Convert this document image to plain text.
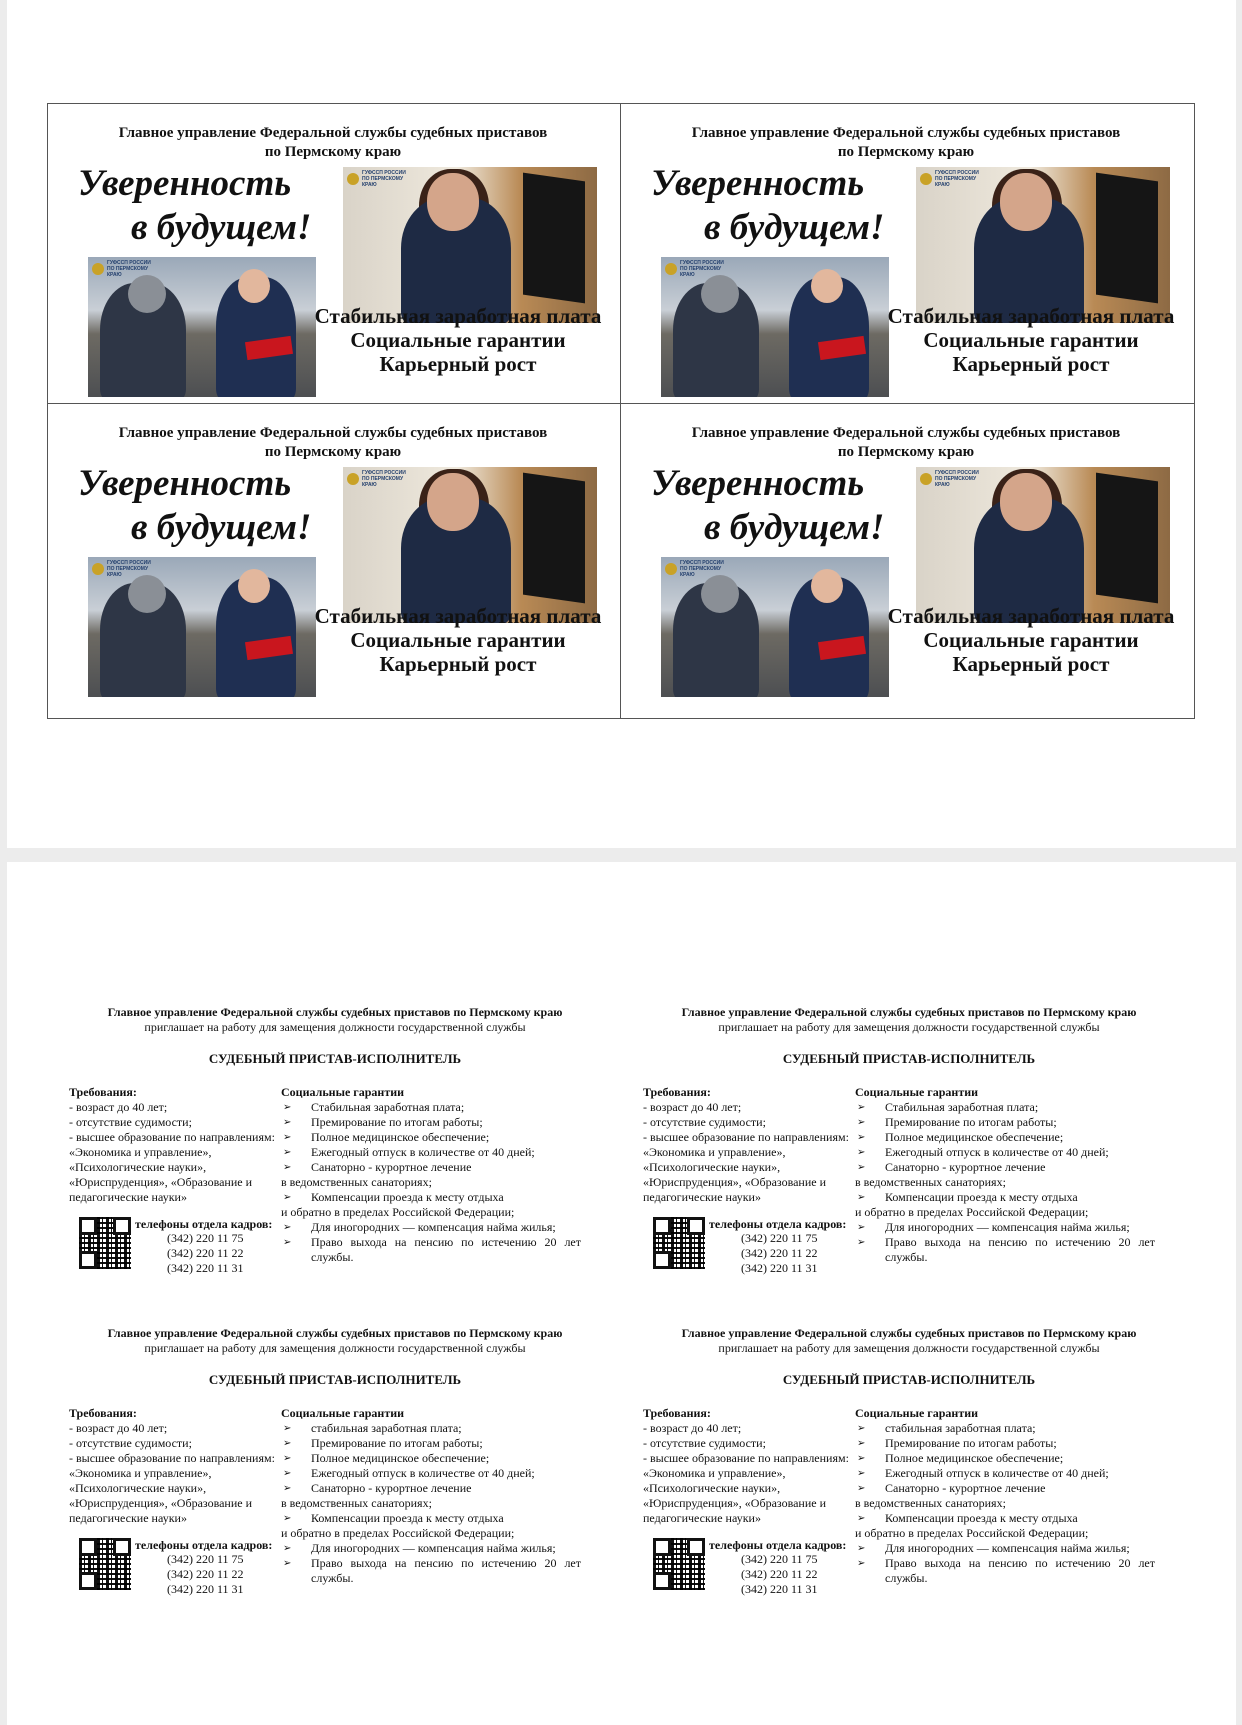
Главное управление Федеральной службы судебных приставов
по Пермскому краю
Уверенность
в будущем!
ГУФССП РОССИИ ПО ПЕРМСКОМУ КРАЮ
ГУФССП РОССИИ ПО ПЕРМСКОМУ КРАЮ
Стабильная заработная плата
Социальные гарантии
Карьерный рост
Главное управление Федеральной службы судебных приставов
по Пермскому краю
Уверенность
в будущем!
ГУФССП РОССИИ ПО ПЕРМСКОМУ КРАЮ
ГУФССП РОССИИ ПО ПЕРМСКОМУ КРАЮ
Стабильная заработная плата
Социальные гарантии
Карьерный рост
Главное управление Федеральной службы судебных приставов
по Пермскому краю
Уверенность
в будущем!
ГУФССП РОССИИ ПО ПЕРМСКОМУ КРАЮ
ГУФССП РОССИИ ПО ПЕРМСКОМУ КРАЮ
Стабильная заработная плата
Социальные гарантии
Карьерный рост
Главное управление Федеральной службы судебных приставов
по Пермскому краю
Уверенность
в будущем!
ГУФССП РОССИИ ПО ПЕРМСКОМУ КРАЮ
ГУФССП РОССИИ ПО ПЕРМСКОМУ КРАЮ
Стабильная заработная плата
Социальные гарантии
Карьерный рост
Главное управление Федеральной службы судебных приставов по Пермскому краю
приглашает на работу для замещения должности государственной службы
СУДЕБНЫЙ ПРИСТАВ-ИСПОЛНИТЕЛЬ
Требования:
- возраст до 40 лет;
- отсутствие судимости;
- высшее образование по направлениям:
«Экономика и управление»,
«Психологические науки»,
«Юриспруденция», «Образование и
педагогические науки»
Социальные гарантии
➢ Стабильная заработная плата;
➢ Премирование по итогам работы;
➢ Полное медицинское обеспечение;
➢ Ежегодный отпуск в количестве от 40 дней;
➢ Санаторно - курортное лечение
в ведомственных санаториях;
➢ Компенсации проезда к месту отдыха
и обратно в пределах Российской Федерации;
➢ Для иногородних — компенсация найма жилья;
➢ Право выхода на пенсию по истечению 20 лет службы.
телефоны отдела кадров:
(342) 220 11 75
(342) 220 11 22
(342) 220 11 31
Главное управление Федеральной службы судебных приставов по Пермскому краю
приглашает на работу для замещения должности государственной службы
СУДЕБНЫЙ ПРИСТАВ-ИСПОЛНИТЕЛЬ
Требования:
- возраст до 40 лет;
- отсутствие судимости;
- высшее образование по направлениям:
«Экономика и управление»,
«Психологические науки»,
«Юриспруденция», «Образование и
педагогические науки»
Социальные гарантии
➢ Стабильная заработная плата;
➢ Премирование по итогам работы;
➢ Полное медицинское обеспечение;
➢ Ежегодный отпуск в количестве от 40 дней;
➢ Санаторно - курортное лечение
в ведомственных санаториях;
➢ Компенсации проезда к месту отдыха
и обратно в пределах Российской Федерации;
➢ Для иногородних — компенсация найма жилья;
➢ Право выхода на пенсию по истечению 20 лет службы.
телефоны отдела кадров:
(342) 220 11 75
(342) 220 11 22
(342) 220 11 31
Главное управление Федеральной службы судебных приставов по Пермскому краю
приглашает на работу для замещения должности государственной службы
СУДЕБНЫЙ ПРИСТАВ-ИСПОЛНИТЕЛЬ
Требования:
- возраст до 40 лет;
- отсутствие судимости;
- высшее образование по направлениям:
«Экономика и управление»,
«Психологические науки»,
«Юриспруденция», «Образование и
педагогические науки»
Социальные гарантии
➢ стабильная заработная плата;
➢ Премирование по итогам работы;
➢ Полное медицинское обеспечение;
➢ Ежегодный отпуск в количестве от 40 дней;
➢ Санаторно - курортное лечение
в ведомственных санаториях;
➢ Компенсации проезда к месту отдыха
и обратно в пределах Российской Федерации;
➢ Для иногородних — компенсация найма жилья;
➢ Право выхода на пенсию по истечению 20 лет службы.
телефоны отдела кадров:
(342) 220 11 75
(342) 220 11 22
(342) 220 11 31
Главное управление Федеральной службы судебных приставов по Пермскому краю
приглашает на работу для замещения должности государственной службы
СУДЕБНЫЙ ПРИСТАВ-ИСПОЛНИТЕЛЬ
Требования:
- возраст до 40 лет;
- отсутствие судимости;
- высшее образование по направлениям:
«Экономика и управление»,
«Психологические науки»,
«Юриспруденция», «Образование и
педагогические науки»
Социальные гарантии
➢ стабильная заработная плата;
➢ Премирование по итогам работы;
➢ Полное медицинское обеспечение;
➢ Ежегодный отпуск в количестве от 40 дней;
➢ Санаторно - курортное лечение
в ведомственных санаториях;
➢ Компенсации проезда к месту отдыха
и обратно в пределах Российской Федерации;
➢ Для иногородних — компенсация найма жилья;
➢ Право выхода на пенсию по истечению 20 лет службы.
телефоны отдела кадров:
(342) 220 11 75
(342) 220 11 22
(342) 220 11 31
